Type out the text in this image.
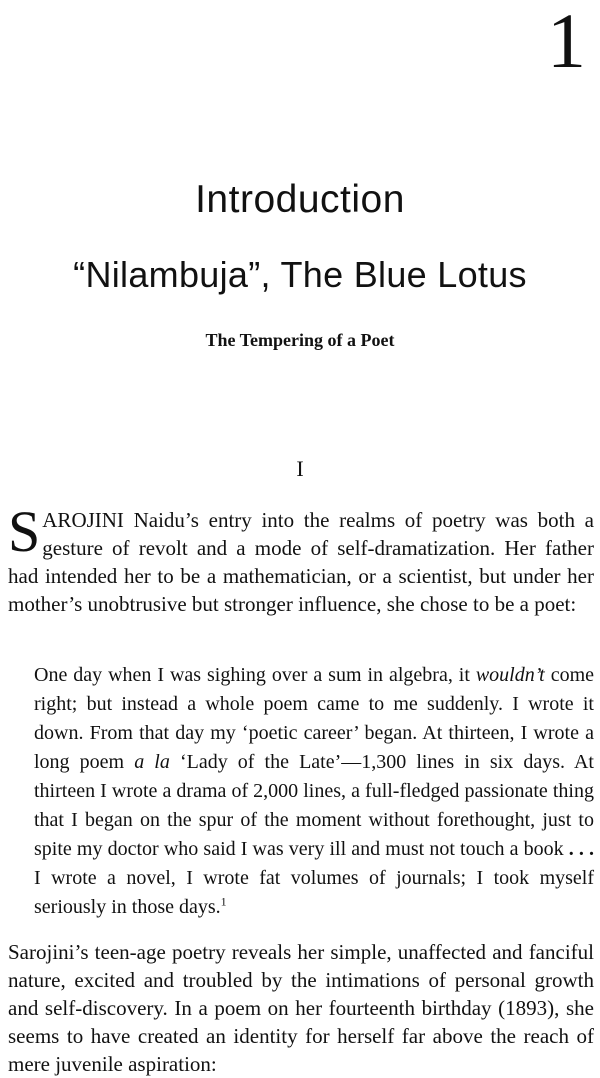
1
Introduction
“Nilambuja”, The Blue Lotus
The Tempering of a Poet
I

SAROJINI Naidu’s entry into the realms of poetry was both a gesture of revolt and a mode of self-dramatization. Her father had intended her to be a mathematician, or a scientist, but under her mother’s unobtrusive but stronger influence, she chose to be a poet:

One day when I was sighing over a sum in algebra, it wouldn’t come right; but instead a whole poem came to me suddenly. I wrote it down. From that day my ‘poetic career’ began. At thirteen, I wrote a long poem a la ‘Lady of the Late’—1,300 lines in six days. At thirteen I wrote a drama of 2,000 lines, a full-fledged passionate thing that I began on the spur of the moment without forethought, just to spite my doctor who said I was very ill and must not touch a book . . . I wrote a novel, I wrote fat volumes of journals; I took myself seriously in those days.$^1$

Sarojini’s teen-age poetry reveals her simple, unaffected and fanciful nature, excited and troubled by the intimations of personal growth and self-discovery. In a poem on her fourteenth birthday (1893), she seems to have created an identity for herself far above the reach of mere juvenile aspiration:
